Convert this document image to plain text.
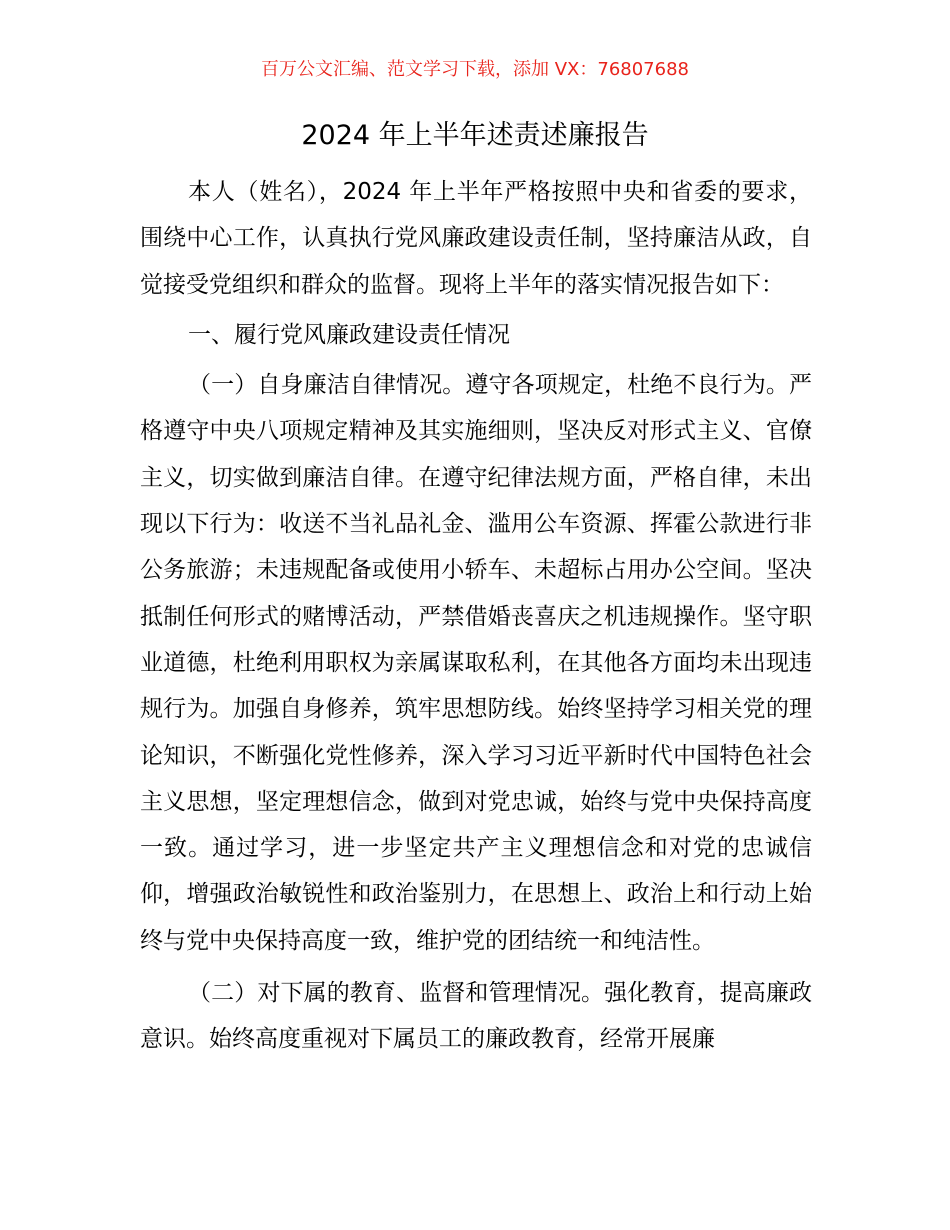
百万公文汇编、范文学习下载，添加 VX：76807688
2024 年上半年述责述廉报告

本人（姓名），2024 年上半年严格按照中央和省委的要求，围绕中心工作，认真执行党风廉政建设责任制，坚持廉洁从政，自觉接受党组织和群众的监督。现将上半年的落实情况报告如下：

一、履行党风廉政建设责任情况

（一）自身廉洁自律情况。遵守各项规定，杜绝不良行为。严格遵守中央八项规定精神及其实施细则，坚决反对形式主义、官僚主义，切实做到廉洁自律。在遵守纪律法规方面，严格自律，未出现以下行为：收送不当礼品礼金、滥用公车资源、挥霍公款进行非公务旅游；未违规配备或使用小轿车、未超标占用办公空间。坚决抵制任何形式的赌博活动，严禁借婚丧喜庆之机违规操作。坚守职业道德，杜绝利用职权为亲属谋取私利，在其他各方面均未出现违规行为。加强自身修养，筑牢思想防线。始终坚持学习相关党的理论知识，不断强化党性修养，深入学习习近平新时代中国特色社会主义思想，坚定理想信念，做到对党忠诚，始终与党中央保持高度一致。通过学习，进一步坚定共产主义理想信念和对党的忠诚信仰，增强政治敏锐性和政治鉴别力，在思想上、政治上和行动上始终与党中央保持高度一致，维护党的团结统一和纯洁性。

（二）对下属的教育、监督和管理情况。强化教育，提高廉政意识。始终高度重视对下属员工的廉政教育，经常开展廉
